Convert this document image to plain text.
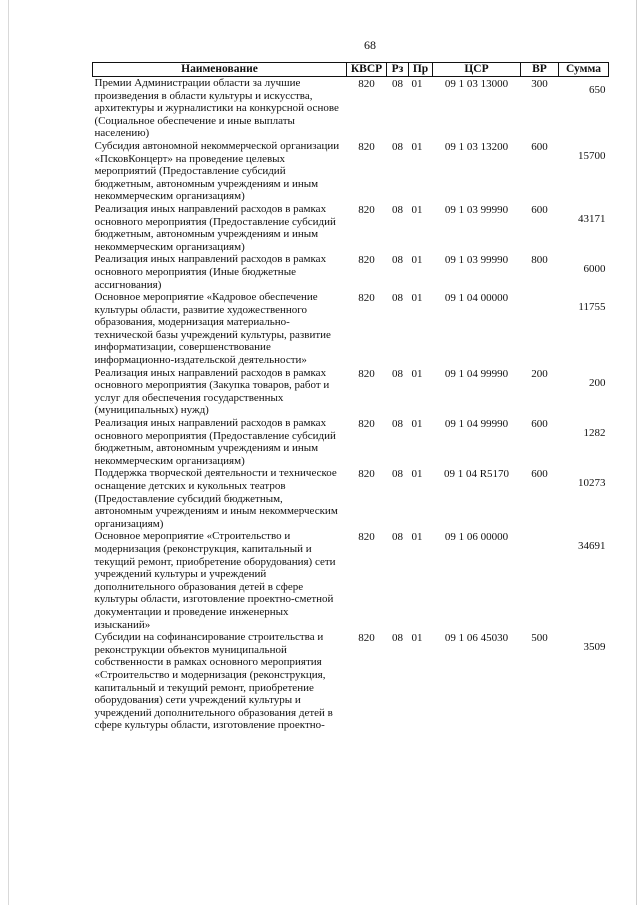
68
Наименование	КВСР	Рз	Пр	ЦСР	ВР	Сумма
Премии Администрации области за лучшие произведения в области культуры и искусства, архитектуры и журналистики на конкурсной основе (Социальное обеспечение и иные выплаты населению)	820	08	01	09 1 03 13000	300	650
Субсидия автономной некоммерческой организации «ПсковКонцерт» на проведение целевых мероприятий (Предоставление субсидий бюджетным, автономным учреждениям и иным некоммерческим организациям)	820	08	01	09 1 03 13200	600	15700
Реализация иных направлений расходов в рамках основного мероприятия (Предоставление субсидий бюджетным, автономным учреждениям и иным некоммерческим организациям)	820	08	01	09 1 03 99990	600	43171
Реализация иных направлений расходов в рамках основного мероприятия (Иные бюджетные ассигнования)	820	08	01	09 1 03 99990	800	6000
Основное мероприятие «Кадровое обеспечение культуры области, развитие художественного образования, модернизация материально-технической базы учреждений культуры, развитие информатизации, совершенствование информационно-издательской деятельности»	820	08	01	09 1 04 00000		11755
Реализация иных направлений расходов в рамках основного мероприятия (Закупка товаров, работ и услуг для обеспечения государственных (муниципальных) нужд)	820	08	01	09 1 04 99990	200	200
Реализация иных направлений расходов в рамках основного мероприятия (Предоставление субсидий бюджетным, автономным учреждениям и иным некоммерческим организациям)	820	08	01	09 1 04 99990	600	1282
Поддержка творческой деятельности и техническое оснащение детских и кукольных театров (Предоставление субсидий бюджетным, автономным учреждениям и иным некоммерческим организациям)	820	08	01	09 1 04 R5170	600	10273
Основное мероприятие «Строительство и модернизация (реконструкция, капитальный и текущий ремонт, приобретение оборудования) сети учреждений культуры и учреждений дополнительного образования детей в сфере культуры области, изготовление проектно-сметной документации и проведение инженерных изысканий»	820	08	01	09 1 06 00000		34691
Субсидии на софинансирование строительства и реконструкции объектов муниципальной собственности в рамках основного мероприятия «Строительство и модернизация (реконструкция, капитальный и текущий ремонт, приобретение оборудования) сети учреждений культуры и учреждений дополнительного образования детей в сфере культуры области, изготовление проектно-	820	08	01	09 1 06 45030	500	3509
